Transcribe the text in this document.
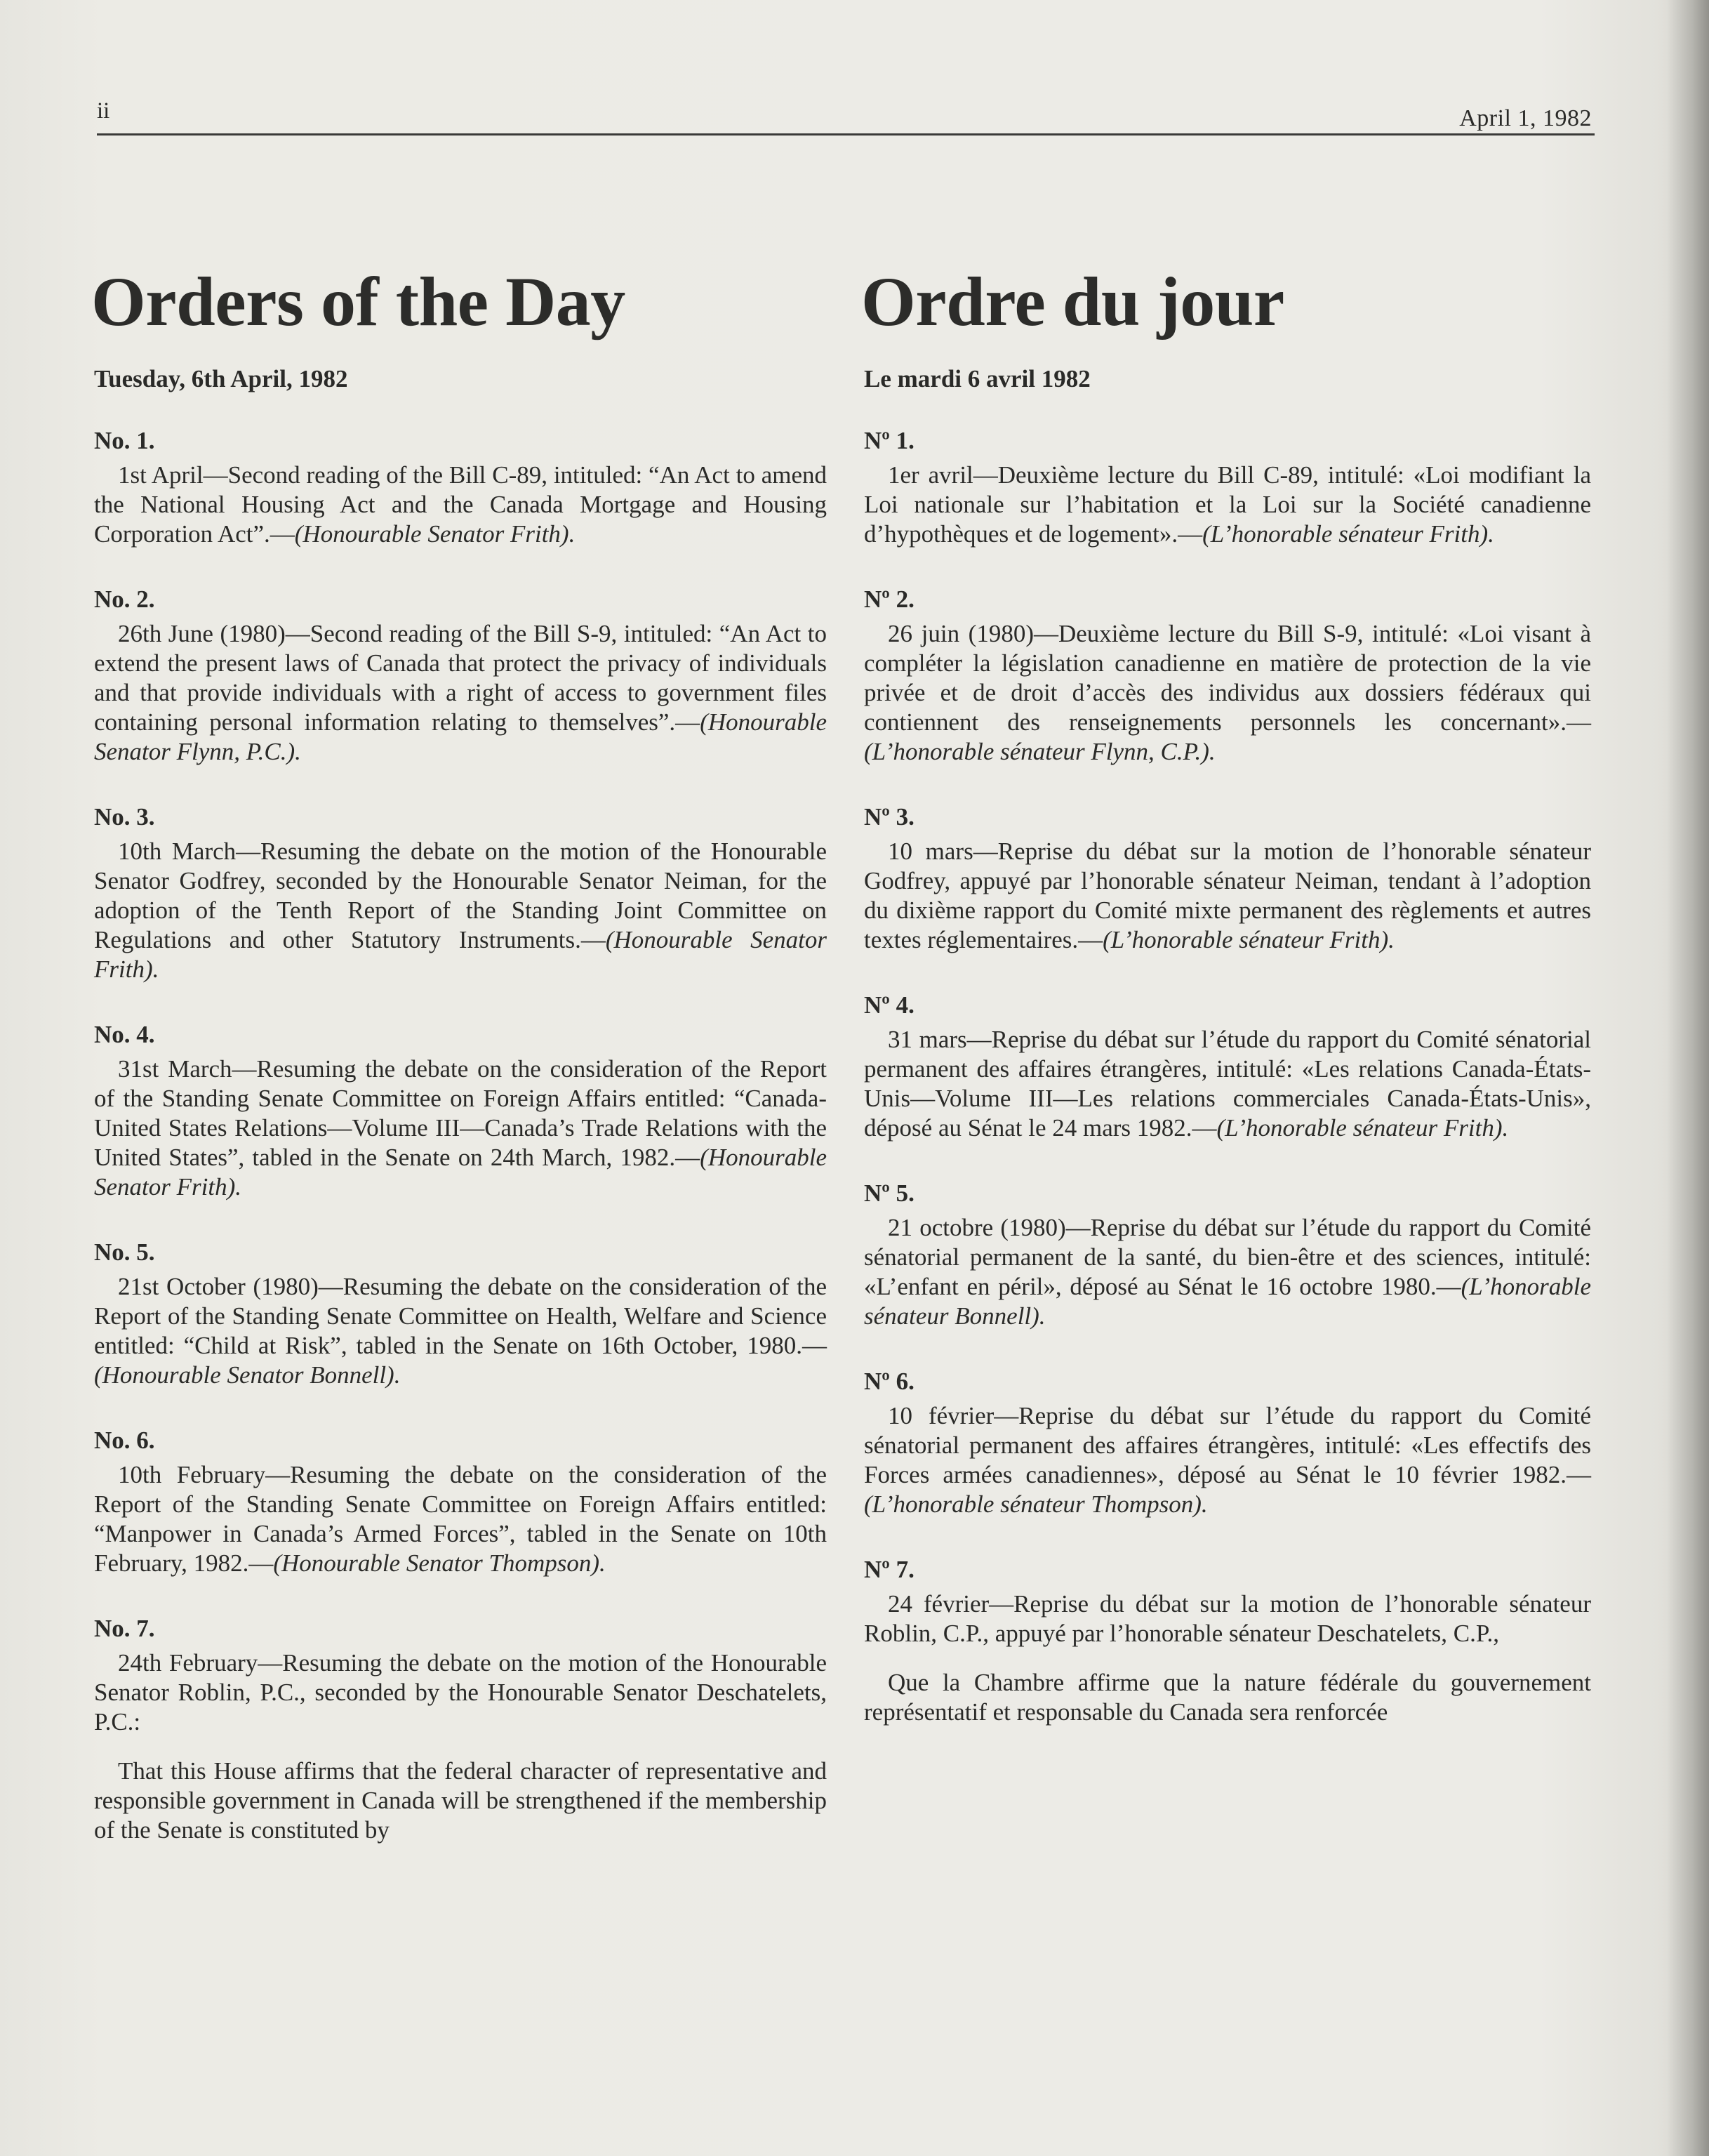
ii	April 1, 1982
Orders of the Day
Tuesday, 6th April, 1982
No. 1.

1st April—Second reading of the Bill C-89, intituled: “An Act to amend the National Housing Act and the Canada Mortgage and Housing Corporation Act”.—(Honourable Senator Frith).

No. 2.

26th June (1980)—Second reading of the Bill S-9, intituled: “An Act to extend the present laws of Canada that protect the privacy of individuals and that provide individuals with a right of access to government files containing personal information relating to themselves”.—(Honourable Senator Flynn, P.C.).

No. 3.

10th March—Resuming the debate on the motion of the Honourable Senator Godfrey, seconded by the Honourable Senator Neiman, for the adoption of the Tenth Report of the Standing Joint Committee on Regulations and other Statutory Instruments.—(Honourable Senator Frith).

No. 4.

31st March—Resuming the debate on the consideration of the Report of the Standing Senate Committee on Foreign Affairs entitled: “Canada-United States Relations—Volume III—Canada’s Trade Relations with the United States”, tabled in the Senate on 24th March, 1982.—(Honourable Senator Frith).

No. 5.

21st October (1980)—Resuming the debate on the consideration of the Report of the Standing Senate Committee on Health, Welfare and Science entitled: “Child at Risk”, tabled in the Senate on 16th October, 1980.—(Honourable Senator Bonnell).

No. 6.

10th February—Resuming the debate on the consideration of the Report of the Standing Senate Committee on Foreign Affairs entitled: “Manpower in Canada’s Armed Forces”, tabled in the Senate on 10th February, 1982.—(Honourable Senator Thompson).

No. 7.

24th February—Resuming the debate on the motion of the Honourable Senator Roblin, P.C., seconded by the Honourable Senator Deschatelets, P.C.:

That this House affirms that the federal character of representative and responsible government in Canada will be strengthened if the membership of the Senate is constituted by

Ordre du jour
Le mardi 6 avril 1982
Nº 1.

1er avril—Deuxième lecture du Bill C-89, intitulé: «Loi modifiant la Loi nationale sur l’habitation et la Loi sur la Société canadienne d’hypothèques et de logement».—(L’honorable sénateur Frith).

Nº 2.

26 juin (1980)—Deuxième lecture du Bill S-9, intitulé: «Loi visant à compléter la législation canadienne en matière de protection de la vie privée et de droit d’accès des individus aux dossiers fédéraux qui contiennent des renseignements personnels les concernant».—(L’honorable sénateur Flynn, C.P.).

Nº 3.

10 mars—Reprise du débat sur la motion de l’honorable sénateur Godfrey, appuyé par l’honorable sénateur Neiman, tendant à l’adoption du dixième rapport du Comité mixte permanent des règlements et autres textes réglementaires.—(L’honorable sénateur Frith).

Nº 4.

31 mars—Reprise du débat sur l’étude du rapport du Comité sénatorial permanent des affaires étrangères, intitulé: «Les relations Canada-États-Unis—Volume III—Les relations commerciales Canada-États-Unis», déposé au Sénat le 24 mars 1982.—(L’honorable sénateur Frith).

Nº 5.

21 octobre (1980)—Reprise du débat sur l’étude du rapport du Comité sénatorial permanent de la santé, du bien-être et des sciences, intitulé: «L’enfant en péril», déposé au Sénat le 16 octobre 1980.—(L’honorable sénateur Bonnell).

Nº 6.

10 février—Reprise du débat sur l’étude du rapport du Comité sénatorial permanent des affaires étrangères, intitulé: «Les effectifs des Forces armées canadiennes», déposé au Sénat le 10 février 1982.—(L’honorable sénateur Thompson).

Nº 7.

24 février—Reprise du débat sur la motion de l’honorable sénateur Roblin, C.P., appuyé par l’honorable sénateur Deschatelets, C.P.,

Que la Chambre affirme que la nature fédérale du gouvernement représentatif et responsable du Canada sera renforcée
